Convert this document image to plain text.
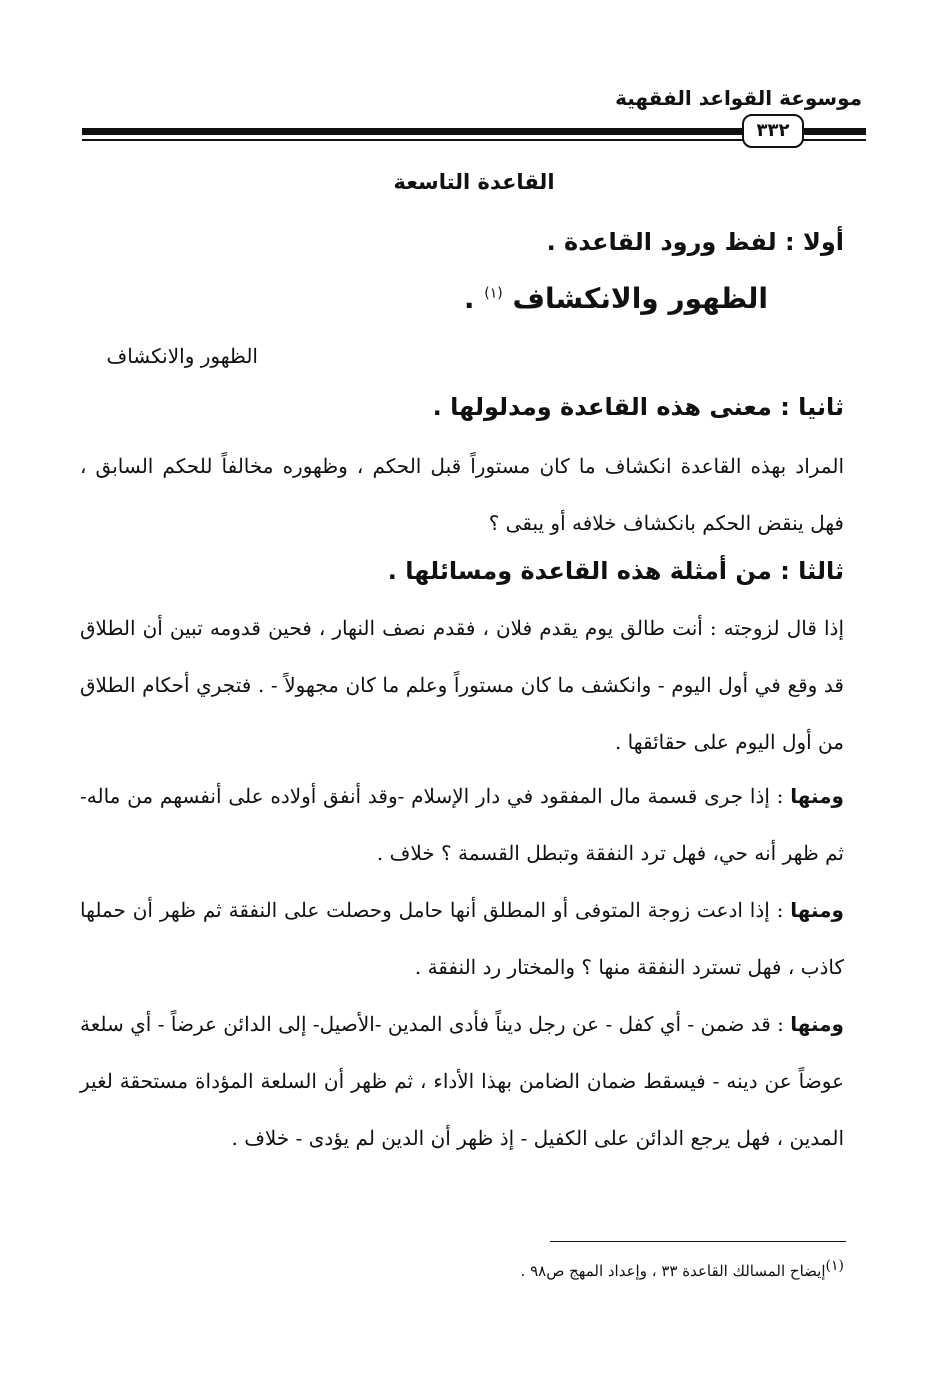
موسوعة القواعد الفقهية
٣٣٢
القاعدة التاسعة
أولا : لفظ ورود القاعدة .
الظهور والانكشاف $^{(١)}$ .
الظهور والانكشاف
ثانيا : معنى هذه القاعدة ومدلولها .
المراد بهذه القاعدة انكشاف ما كان مستوراً قبل الحكم ، وظهوره مخالفاً للحكم السابق ، فهل ينقض الحكم بانكشاف خلافه أو يبقى ؟
ثالثا : من أمثلة هذه القاعدة ومسائلها .
إذا قال لزوجته : أنت طالق يوم يقدم فلان ، فقدم نصف النهار ، فحين قدومه تبين أن الطلاق قد وقع في أول اليوم - وانكشف ما كان مستوراً وعلم ما كان مجهولاً - . فتجري أحكام الطلاق من أول اليوم على حقائقها .
ومنها : إذا جرى قسمة مال المفقود في دار الإسلام -وقد أنفق أولاده على أنفسهم من ماله- ثم ظهر أنه حي، فهل ترد النفقة وتبطل القسمة ؟ خلاف .
ومنها : إذا ادعت زوجة المتوفى أو المطلق أنها حامل وحصلت على النفقة ثم ظهر أن حملها كاذب ، فهل تسترد النفقة منها ؟ والمختار رد النفقة .
ومنها : قد ضمن - أي كفل - عن رجل ديناً فأدى المدين -الأصيل- إلى الدائن عرضاً - أي سلعة عوضاً عن دينه - فيسقط ضمان الضامن بهذا الأداء ، ثم ظهر أن السلعة المؤداة مستحقة لغير المدين ، فهل يرجع الدائن على الكفيل - إذ ظهر أن الدين لم يؤدى - خلاف .
(١)إيضاح المسالك القاعدة ٣٣ ، وإعداد المهج ص٩٨ .
